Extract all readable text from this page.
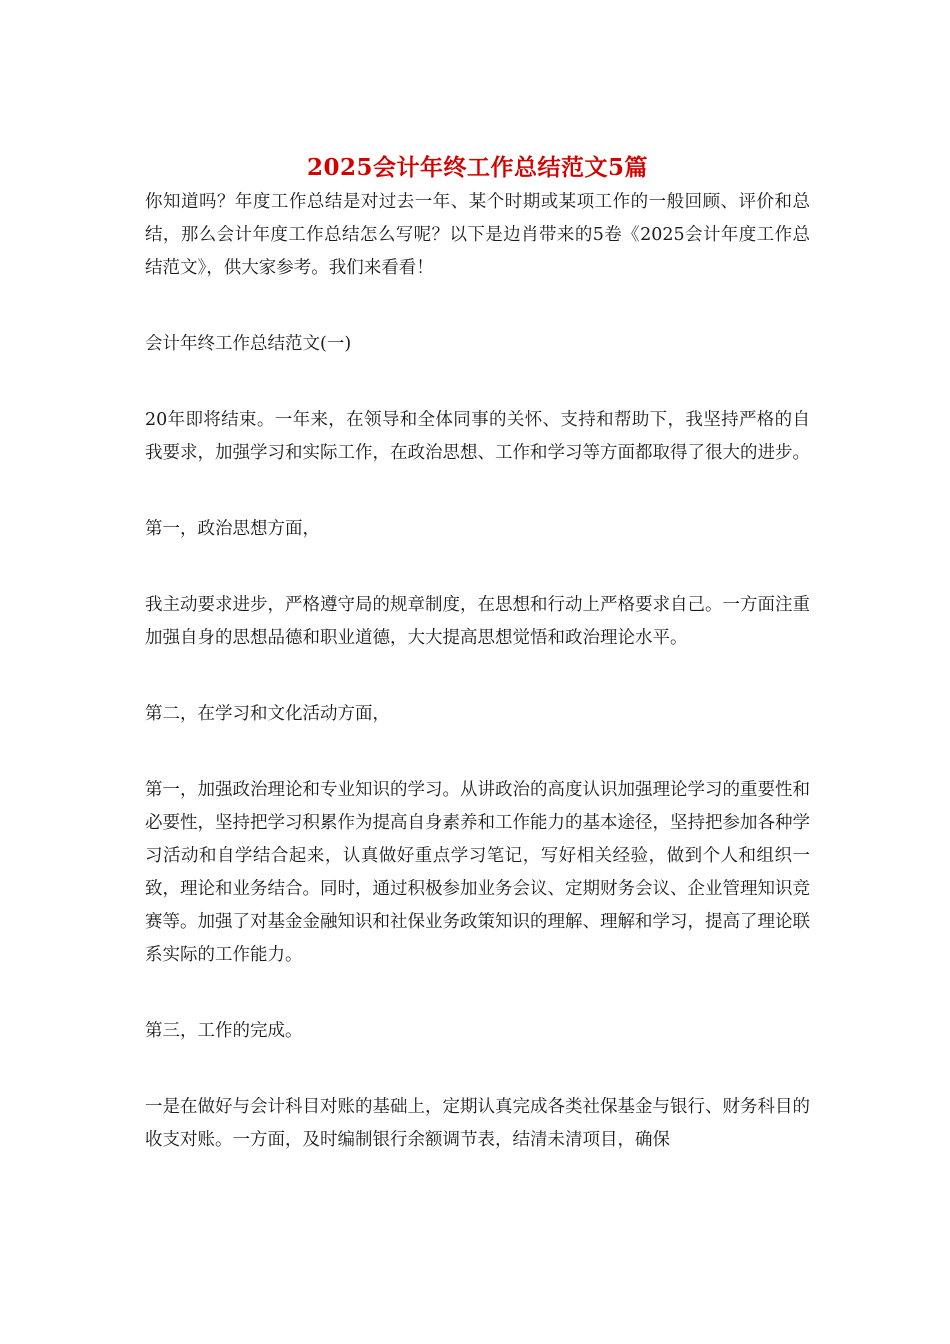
2025会计年终工作总结范文5篇

你知道吗？年度工作总结是对过去一年、某个时期或某项工作的一般回顾、评价和总结，那么会计年度工作总结怎么写呢？以下是边肖带来的5卷《2025会计年度工作总结范文》，供大家参考。我们来看看！

会计年终工作总结范文(一)

20年即将结束。一年来，在领导和全体同事的关怀、支持和帮助下，我坚持严格的自我要求，加强学习和实际工作，在政治思想、工作和学习等方面都取得了很大的进步。

第一，政治思想方面，

我主动要求进步，严格遵守局的规章制度，在思想和行动上严格要求自己。一方面注重加强自身的思想品德和职业道德，大大提高思想觉悟和政治理论水平。

第二，在学习和文化活动方面，

第一，加强政治理论和专业知识的学习。从讲政治的高度认识加强理论学习的重要性和必要性，坚持把学习积累作为提高自身素养和工作能力的基本途径，坚持把参加各种学习活动和自学结合起来，认真做好重点学习笔记，写好相关经验，做到个人和组织一致，理论和业务结合。同时，通过积极参加业务会议、定期财务会议、企业管理知识竞赛等。加强了对基金金融知识和社保业务政策知识的理解、理解和学习，提高了理论联系实际的工作能力。

第三，工作的完成。

一是在做好与会计科目对账的基础上，定期认真完成各类社保基金与银行、财务科目的收支对账。一方面，及时编制银行余额调节表，结清未清项目，确保
